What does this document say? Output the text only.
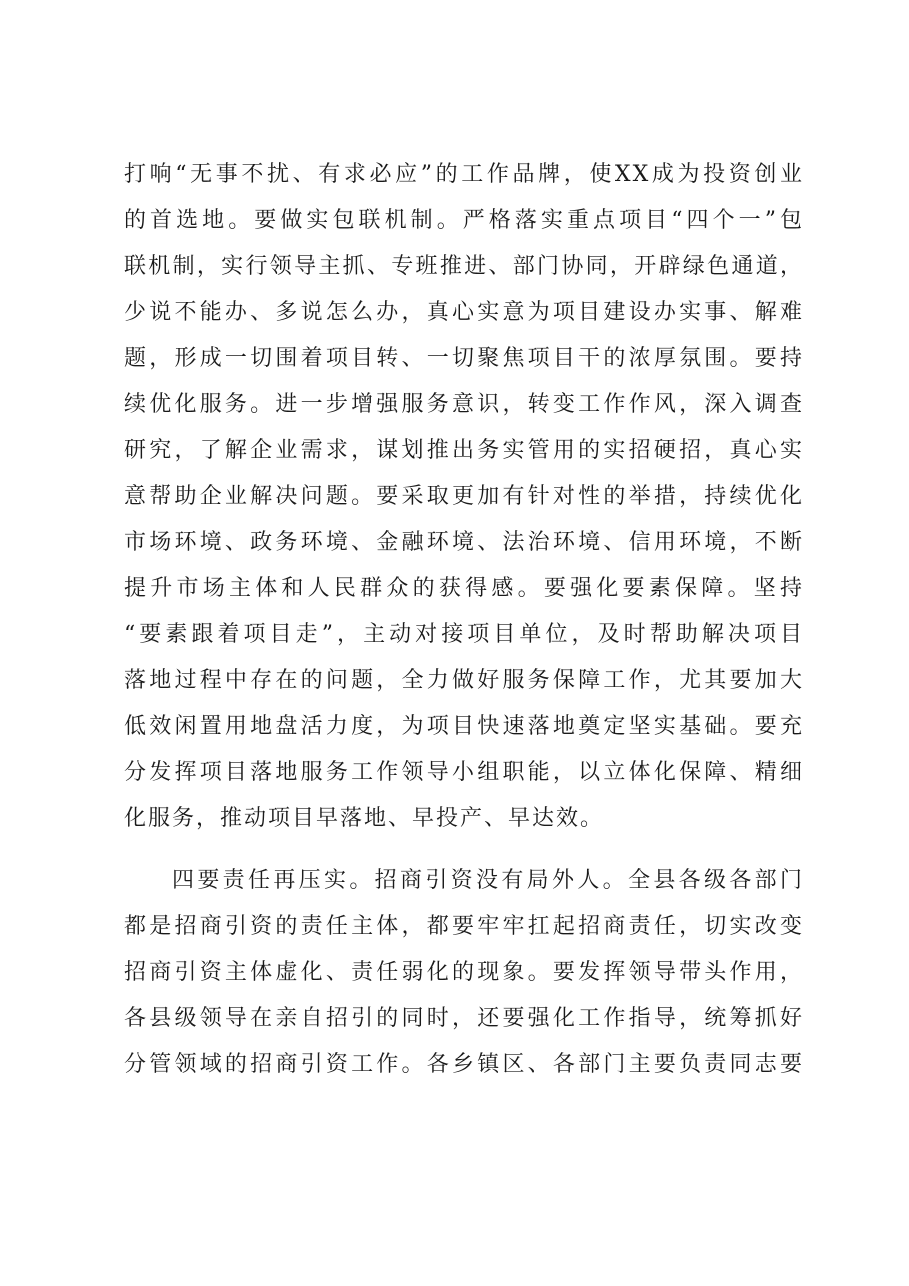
打响“无事不扰、有求必应”的工作品牌，使XX成为投资创业
的首选地。要做实包联机制。严格落实重点项目“四个一”包
联机制，实行领导主抓、专班推进、部门协同，开辟绿色通道，
少说不能办、多说怎么办，真心实意为项目建设办实事、解难
题，形成一切围着项目转、一切聚焦项目干的浓厚氛围。要持
续优化服务。进一步增强服务意识，转变工作作风，深入调查
研究，了解企业需求，谋划推出务实管用的实招硬招，真心实
意帮助企业解决问题。要采取更加有针对性的举措，持续优化
市场环境、政务环境、金融环境、法治环境、信用环境，不断
提升市场主体和人民群众的获得感。要强化要素保障。坚持
“要素跟着项目走”，主动对接项目单位，及时帮助解决项目
落地过程中存在的问题，全力做好服务保障工作，尤其要加大
低效闲置用地盘活力度，为项目快速落地奠定坚实基础。要充
分发挥项目落地服务工作领导小组职能，以立体化保障、精细
化服务，推动项目早落地、早投产、早达效。
四要责任再压实。招商引资没有局外人。全县各级各部门
都是招商引资的责任主体，都要牢牢扛起招商责任，切实改变
招商引资主体虚化、责任弱化的现象。要发挥领导带头作用，
各县级领导在亲自招引的同时，还要强化工作指导，统筹抓好
分管领域的招商引资工作。各乡镇区、各部门主要负责同志要
